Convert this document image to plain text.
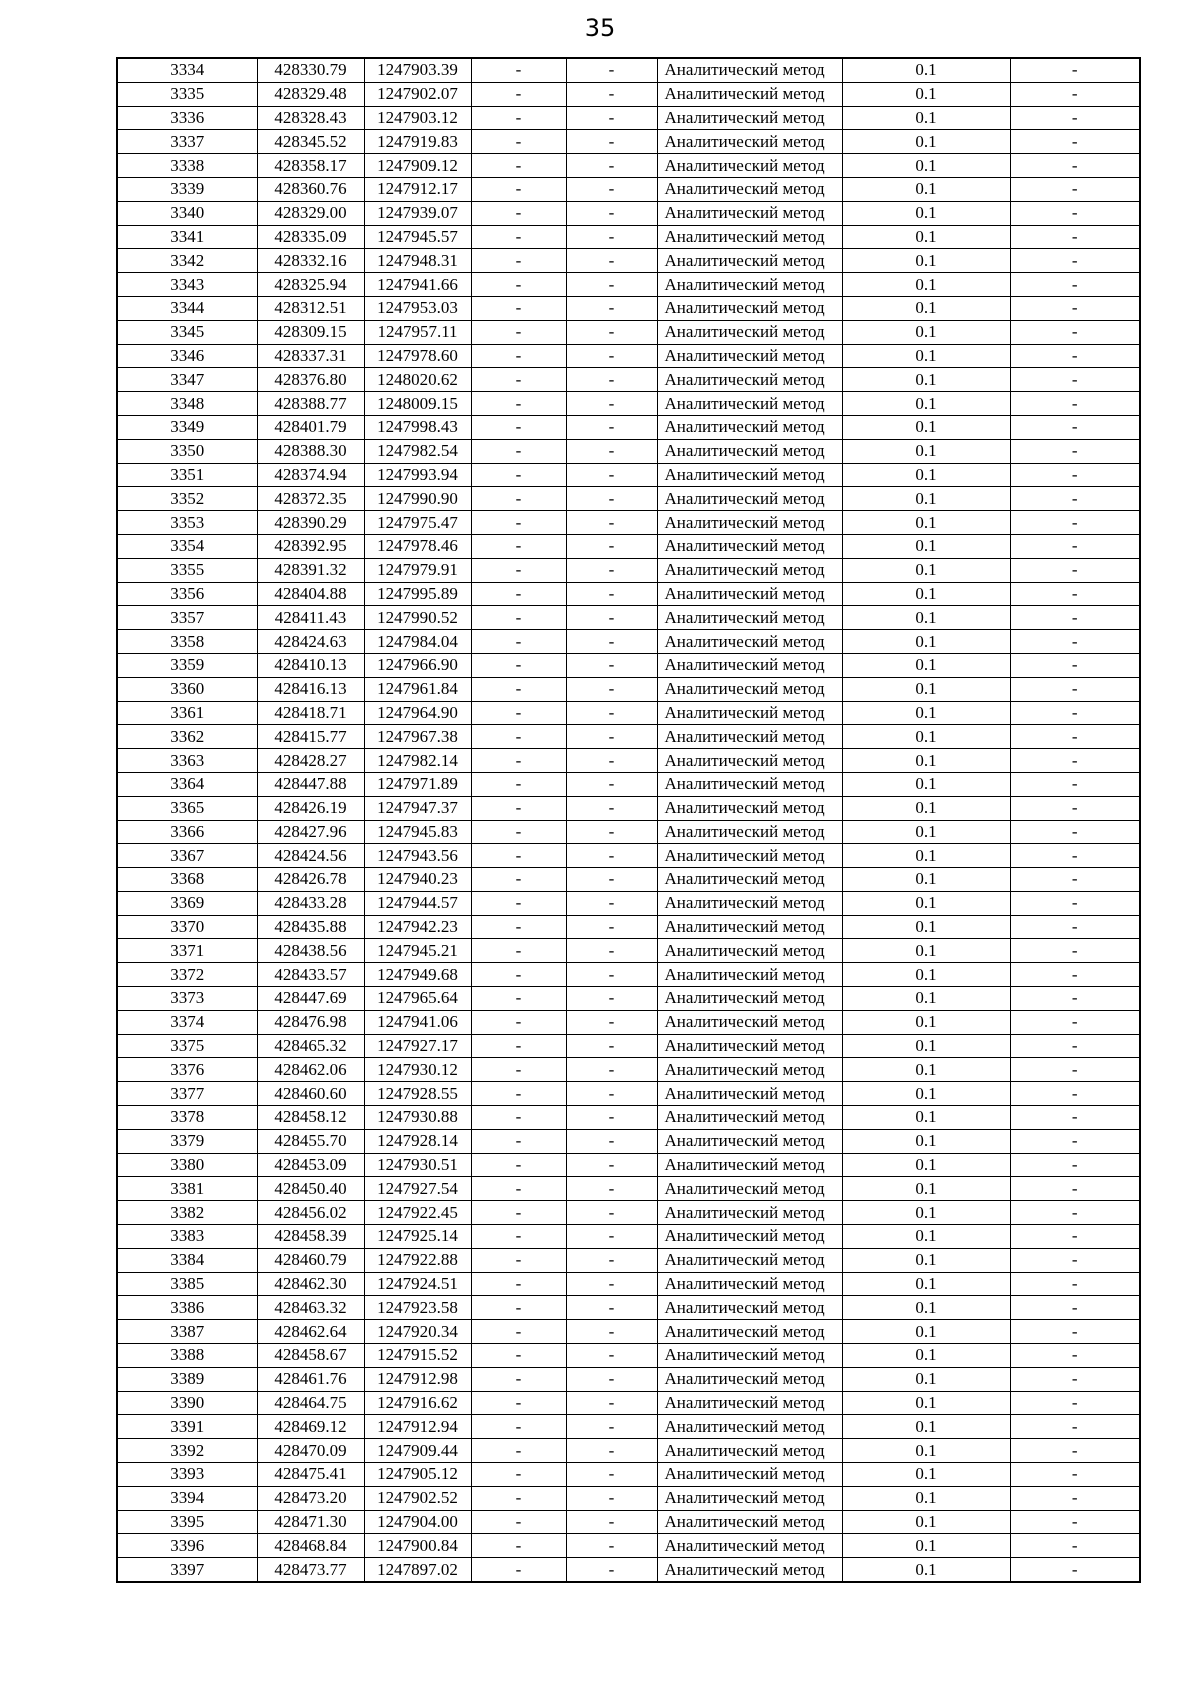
35
3334	428330.79	1247903.39	-	-	Аналитический метод	0.1	-
3335	428329.48	1247902.07	-	-	Аналитический метод	0.1	-
3336	428328.43	1247903.12	-	-	Аналитический метод	0.1	-
3337	428345.52	1247919.83	-	-	Аналитический метод	0.1	-
3338	428358.17	1247909.12	-	-	Аналитический метод	0.1	-
3339	428360.76	1247912.17	-	-	Аналитический метод	0.1	-
3340	428329.00	1247939.07	-	-	Аналитический метод	0.1	-
3341	428335.09	1247945.57	-	-	Аналитический метод	0.1	-
3342	428332.16	1247948.31	-	-	Аналитический метод	0.1	-
3343	428325.94	1247941.66	-	-	Аналитический метод	0.1	-
3344	428312.51	1247953.03	-	-	Аналитический метод	0.1	-
3345	428309.15	1247957.11	-	-	Аналитический метод	0.1	-
3346	428337.31	1247978.60	-	-	Аналитический метод	0.1	-
3347	428376.80	1248020.62	-	-	Аналитический метод	0.1	-
3348	428388.77	1248009.15	-	-	Аналитический метод	0.1	-
3349	428401.79	1247998.43	-	-	Аналитический метод	0.1	-
3350	428388.30	1247982.54	-	-	Аналитический метод	0.1	-
3351	428374.94	1247993.94	-	-	Аналитический метод	0.1	-
3352	428372.35	1247990.90	-	-	Аналитический метод	0.1	-
3353	428390.29	1247975.47	-	-	Аналитический метод	0.1	-
3354	428392.95	1247978.46	-	-	Аналитический метод	0.1	-
3355	428391.32	1247979.91	-	-	Аналитический метод	0.1	-
3356	428404.88	1247995.89	-	-	Аналитический метод	0.1	-
3357	428411.43	1247990.52	-	-	Аналитический метод	0.1	-
3358	428424.63	1247984.04	-	-	Аналитический метод	0.1	-
3359	428410.13	1247966.90	-	-	Аналитический метод	0.1	-
3360	428416.13	1247961.84	-	-	Аналитический метод	0.1	-
3361	428418.71	1247964.90	-	-	Аналитический метод	0.1	-
3362	428415.77	1247967.38	-	-	Аналитический метод	0.1	-
3363	428428.27	1247982.14	-	-	Аналитический метод	0.1	-
3364	428447.88	1247971.89	-	-	Аналитический метод	0.1	-
3365	428426.19	1247947.37	-	-	Аналитический метод	0.1	-
3366	428427.96	1247945.83	-	-	Аналитический метод	0.1	-
3367	428424.56	1247943.56	-	-	Аналитический метод	0.1	-
3368	428426.78	1247940.23	-	-	Аналитический метод	0.1	-
3369	428433.28	1247944.57	-	-	Аналитический метод	0.1	-
3370	428435.88	1247942.23	-	-	Аналитический метод	0.1	-
3371	428438.56	1247945.21	-	-	Аналитический метод	0.1	-
3372	428433.57	1247949.68	-	-	Аналитический метод	0.1	-
3373	428447.69	1247965.64	-	-	Аналитический метод	0.1	-
3374	428476.98	1247941.06	-	-	Аналитический метод	0.1	-
3375	428465.32	1247927.17	-	-	Аналитический метод	0.1	-
3376	428462.06	1247930.12	-	-	Аналитический метод	0.1	-
3377	428460.60	1247928.55	-	-	Аналитический метод	0.1	-
3378	428458.12	1247930.88	-	-	Аналитический метод	0.1	-
3379	428455.70	1247928.14	-	-	Аналитический метод	0.1	-
3380	428453.09	1247930.51	-	-	Аналитический метод	0.1	-
3381	428450.40	1247927.54	-	-	Аналитический метод	0.1	-
3382	428456.02	1247922.45	-	-	Аналитический метод	0.1	-
3383	428458.39	1247925.14	-	-	Аналитический метод	0.1	-
3384	428460.79	1247922.88	-	-	Аналитический метод	0.1	-
3385	428462.30	1247924.51	-	-	Аналитический метод	0.1	-
3386	428463.32	1247923.58	-	-	Аналитический метод	0.1	-
3387	428462.64	1247920.34	-	-	Аналитический метод	0.1	-
3388	428458.67	1247915.52	-	-	Аналитический метод	0.1	-
3389	428461.76	1247912.98	-	-	Аналитический метод	0.1	-
3390	428464.75	1247916.62	-	-	Аналитический метод	0.1	-
3391	428469.12	1247912.94	-	-	Аналитический метод	0.1	-
3392	428470.09	1247909.44	-	-	Аналитический метод	0.1	-
3393	428475.41	1247905.12	-	-	Аналитический метод	0.1	-
3394	428473.20	1247902.52	-	-	Аналитический метод	0.1	-
3395	428471.30	1247904.00	-	-	Аналитический метод	0.1	-
3396	428468.84	1247900.84	-	-	Аналитический метод	0.1	-
3397	428473.77	1247897.02	-	-	Аналитический метод	0.1	-
